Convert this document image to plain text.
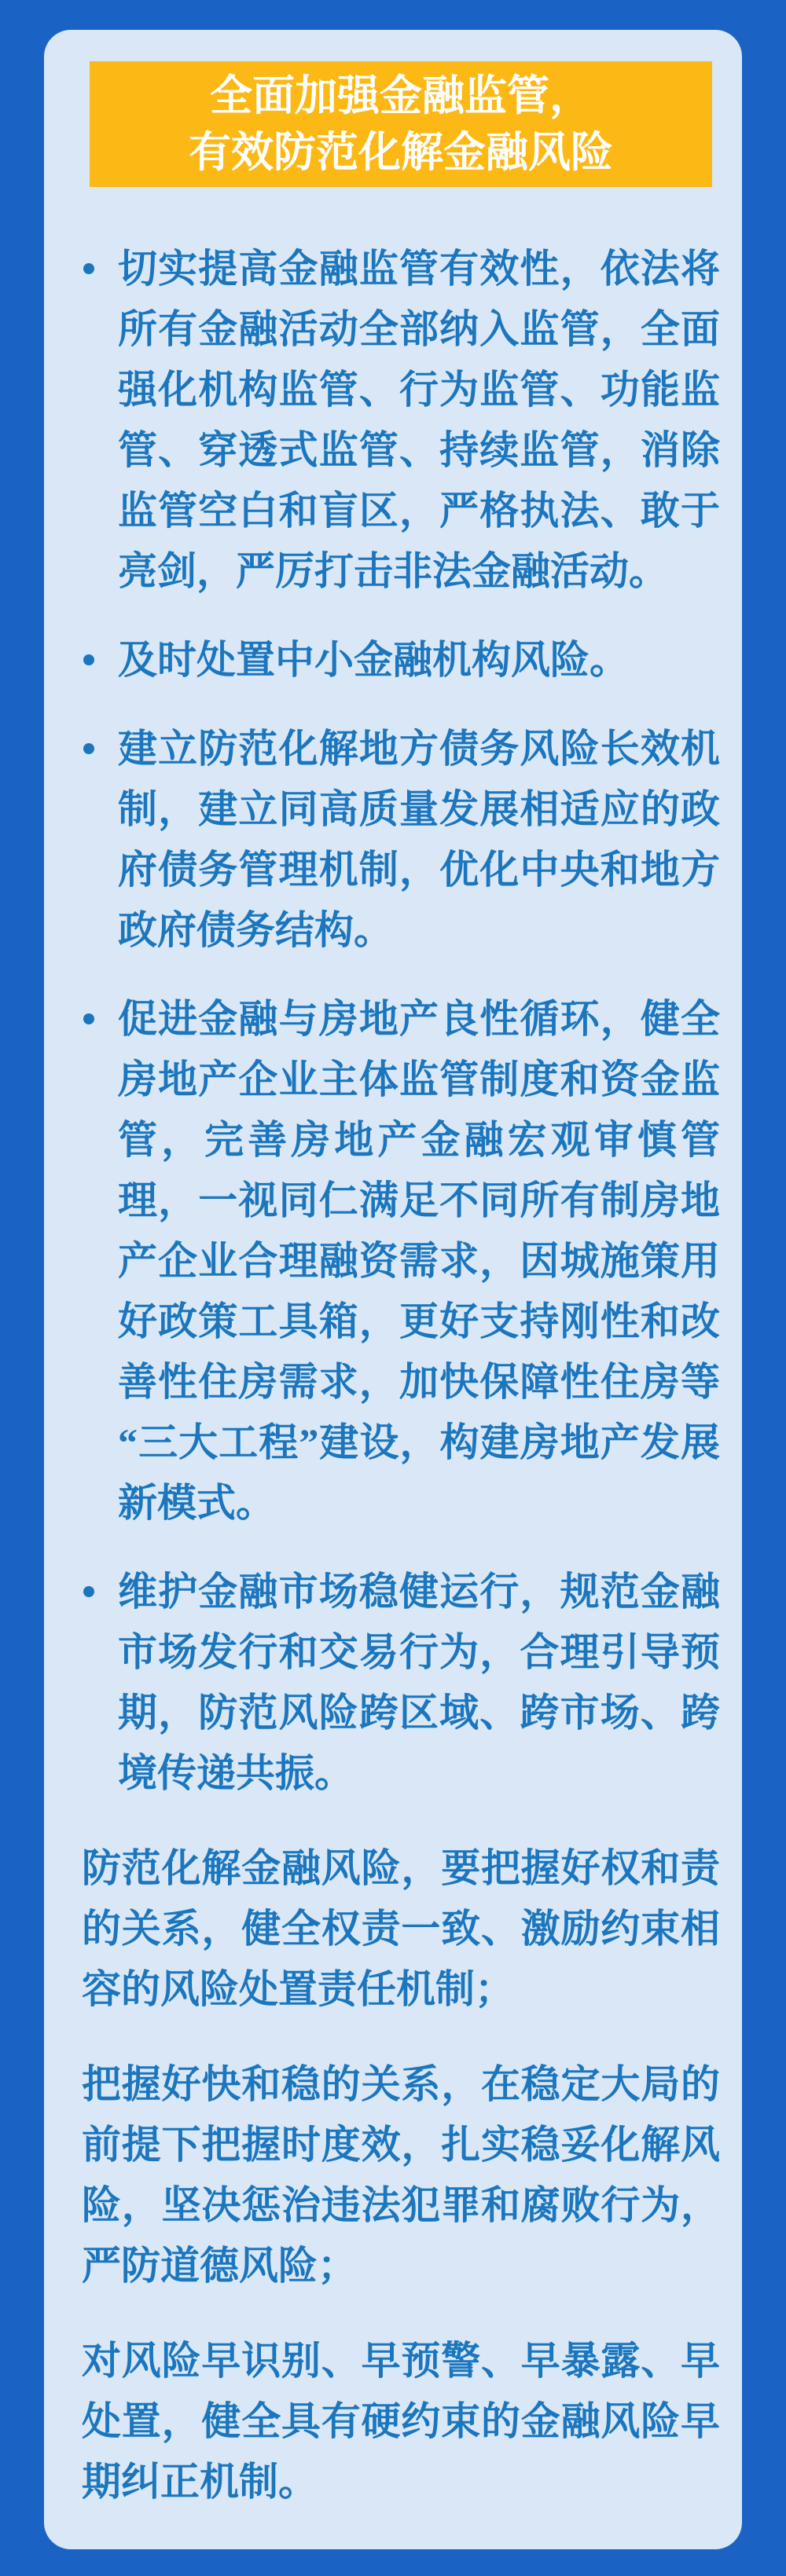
全面加强金融监管，
有效防范化解金融风险
切实提高金融监管有效性，依法将所有金融活动全部纳入监管，全面强化机构监管、行为监管、功能监管、穿透式监管、持续监管，消除监管空白和盲区，严格执法、敢于亮剑，严厉打击非法金融活动。
及时处置中小金融机构风险。
建立防范化解地方债务风险长效机制，建立同高质量发展相适应的政府债务管理机制，优化中央和地方政府债务结构。
促进金融与房地产良性循环，健全房地产企业主体监管制度和资金监管，完善房地产金融宏观审慎管理，一视同仁满足不同所有制房地产企业合理融资需求，因城施策用好政策工具箱，更好支持刚性和改善性住房需求，加快保障性住房等“三大工程”建设，构建房地产发展新模式。
维护金融市场稳健运行，规范金融市场发行和交易行为，合理引导预期，防范风险跨区域、跨市场、跨境传递共振。
防范化解金融风险，要把握好权和责的关系，健全权责一致、激励约束相容的风险处置责任机制；
把握好快和稳的关系，在稳定大局的前提下把握时度效，扎实稳妥化解风险，坚决惩治违法犯罪和腐败行为，严防道德风险；
对风险早识别、早预警、早暴露、早处置，健全具有硬约束的金融风险早期纠正机制。
